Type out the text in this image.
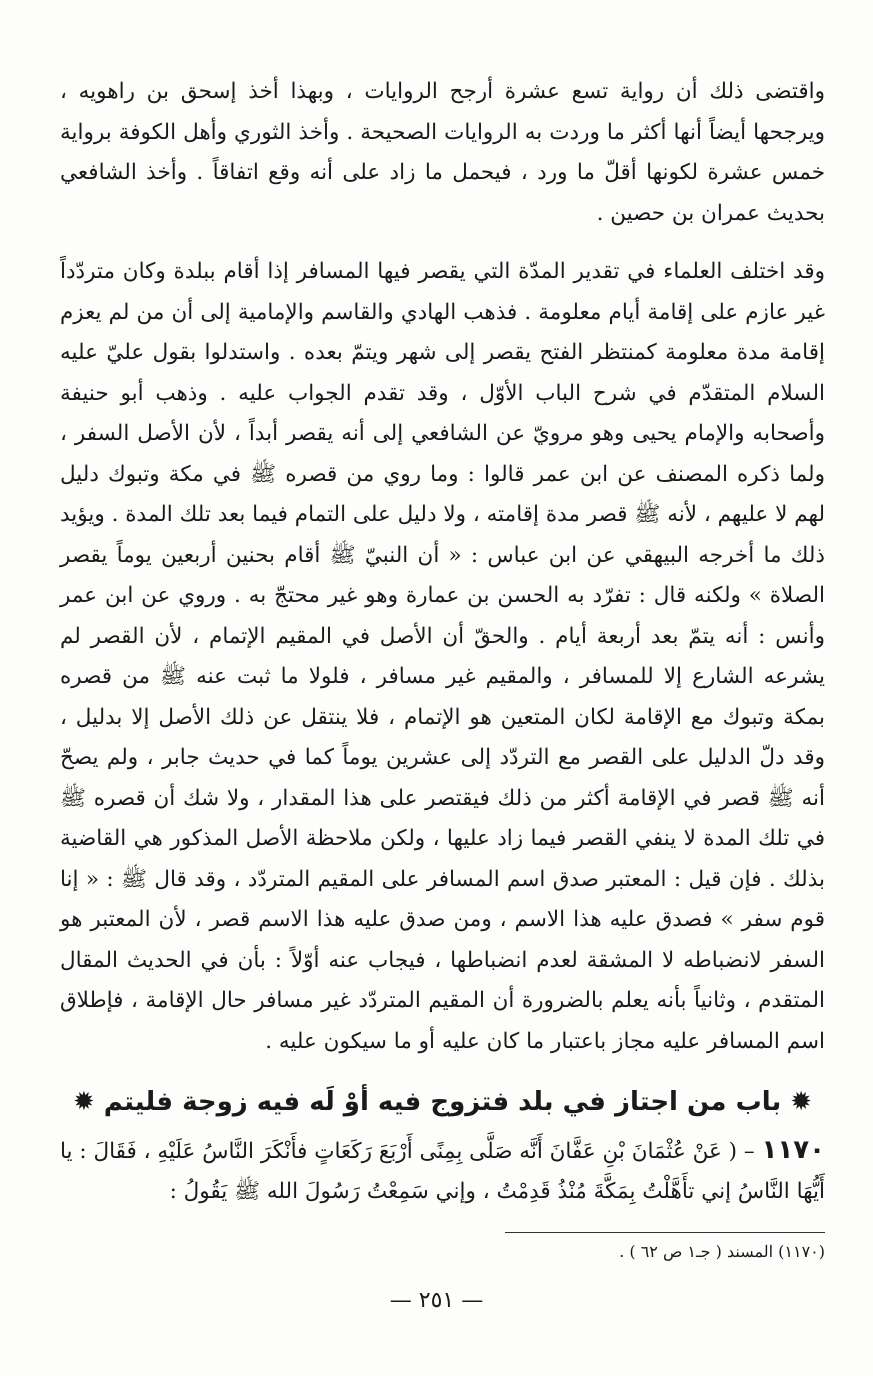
واقتضى ذلك أن رواية تسع عشرة أرجح الروايات ، وبهذا أخذ إسحق بن راهويه ، ويرجحها أيضاً أنها أكثر ما وردت به الروايات الصحيحة . وأخذ الثوري وأهل الكوفة برواية خمس عشرة لكونها أقلّ ما ورد ، فيحمل ما زاد على أنه وقع اتفاقاً . وأخذ الشافعي بحديث عمران بن حصين .

وقد اختلف العلماء في تقدير المدّة التي يقصر فيها المسافر إذا أقام ببلدة وكان متردّداً غير عازم على إقامة أيام معلومة . فذهب الهادي والقاسم والإمامية إلى أن من لم يعزم إقامة مدة معلومة كمنتظر الفتح يقصر إلى شهر ويتمّ بعده . واستدلوا بقول عليّ عليه السلام المتقدّم في شرح الباب الأوّل ، وقد تقدم الجواب عليه . وذهب أبو حنيفة وأصحابه والإمام يحيى وهو مرويّ عن الشافعي إلى أنه يقصر أبداً ، لأن الأصل السفر ، ولما ذكره المصنف عن ابن عمر قالوا : وما روي من قصره ﷺ في مكة وتبوك دليل لهم لا عليهم ، لأنه ﷺ قصر مدة إقامته ، ولا دليل على التمام فيما بعد تلك المدة . ويؤيد ذلك ما أخرجه البيهقي عن ابن عباس : « أن النبيّ ﷺ أقام بحنين أربعين يوماً يقصر الصلاة » ولكنه قال : تفرّد به الحسن بن عمارة وهو غير محتجّ به . وروي عن ابن عمر وأنس : أنه يتمّ بعد أربعة أيام . والحقّ أن الأصل في المقيم الإتمام ، لأن القصر لم يشرعه الشارع إلا للمسافر ، والمقيم غير مسافر ، فلولا ما ثبت عنه ﷺ من قصره بمكة وتبوك مع الإقامة لكان المتعين هو الإتمام ، فلا ينتقل عن ذلك الأصل إلا بدليل ، وقد دلّ الدليل على القصر مع التردّد إلى عشرين يوماً كما في حديث جابر ، ولم يصحّ أنه ﷺ قصر في الإقامة أكثر من ذلك فيقتصر على هذا المقدار ، ولا شك أن قصره ﷺ في تلك المدة لا ينفي القصر فيما زاد عليها ، ولكن ملاحظة الأصل المذكور هي القاضية بذلك . فإن قيل : المعتبر صدق اسم المسافر على المقيم المتردّد ، وقد قال ﷺ : « إنا قوم سفر » فصدق عليه هذا الاسم ، ومن صدق عليه هذا الاسم قصر ، لأن المعتبر هو السفر لانضباطه لا المشقة لعدم انضباطها ، فيجاب عنه أوّلاً : بأن في الحديث المقال المتقدم ، وثانياً بأنه يعلم بالضرورة أن المقيم المتردّد غير مسافر حال الإقامة ، فإطلاق اسم المسافر عليه مجاز باعتبار ما كان عليه أو ما سيكون عليه .

✹ باب من اجتاز في بلد فتزوج فيه أوْ لَه فيه زوجة فليتم ✹

١١٧٠ – ( عَنْ عُثْمَانَ بْنِ عَفَّانَ أَنَّه صَلَّى بِمِنًى أَرْبَعَ رَكَعَاتٍ فأَنْكَرَ النَّاسُ عَلَيْهِ ، فَقَالَ : يا أَيُّهَا النَّاسُ إني تأَهَّلْتُ بِمَكَّةَ مُنْذُ قَدِمْتُ ، وإني سَمِعْتُ رَسُولَ الله ﷺ يَقُولُ :

(١١٧٠) المسند ( جـ١ ص ٦٢ ) .

— ٢٥١ —
